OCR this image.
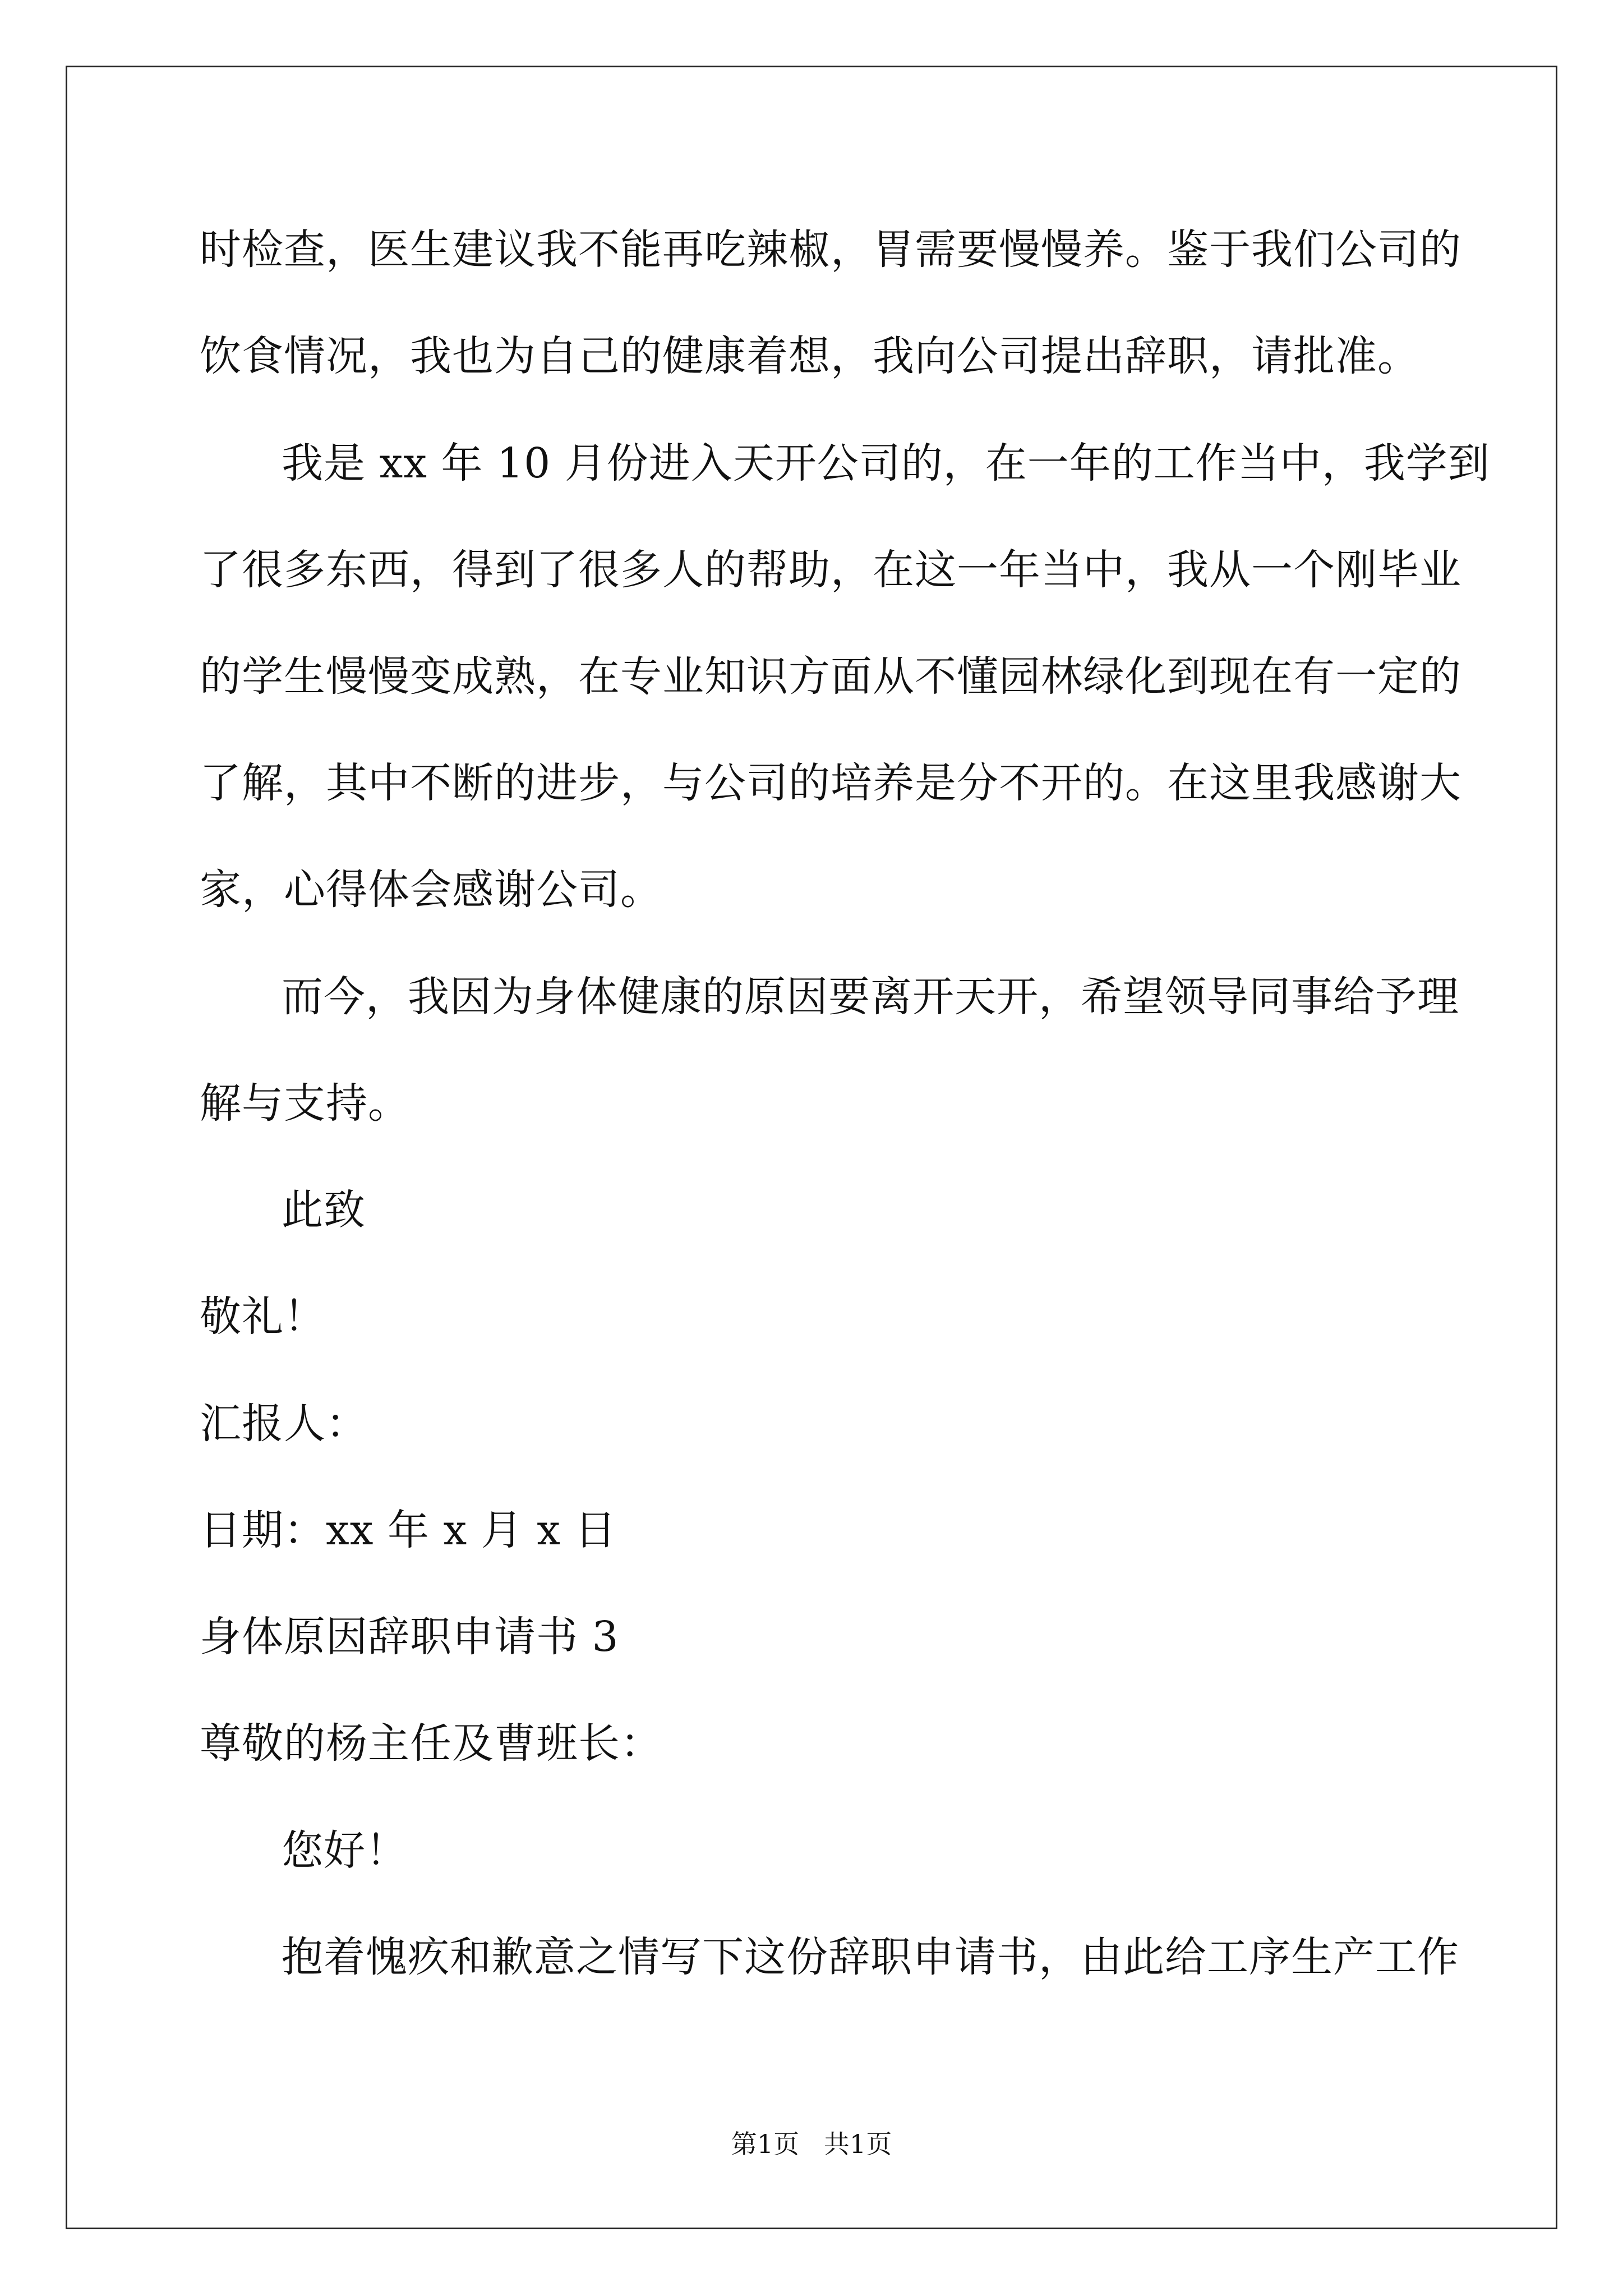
时检查，医生建议我不能再吃辣椒，胃需要慢慢养。鉴于我们公司的
饮食情况，我也为自己的健康着想，我向公司提出辞职，请批准。
我是 xx 年 10 月份进入天开公司的，在一年的工作当中，我学到
了很多东西，得到了很多人的帮助，在这一年当中，我从一个刚毕业
的学生慢慢变成熟，在专业知识方面从不懂园林绿化到现在有一定的
了解，其中不断的进步，与公司的培养是分不开的。在这里我感谢大
家，心得体会感谢公司。
而今，我因为身体健康的原因要离开天开，希望领导同事给予理
解与支持。
此致
敬礼！
汇报人：
日期：xx 年 x 月 x 日
身体原因辞职申请书 3
尊敬的杨主任及曹班长：
您好！
抱着愧疚和歉意之情写下这份辞职申请书，由此给工序生产工作
第1页   共1页
